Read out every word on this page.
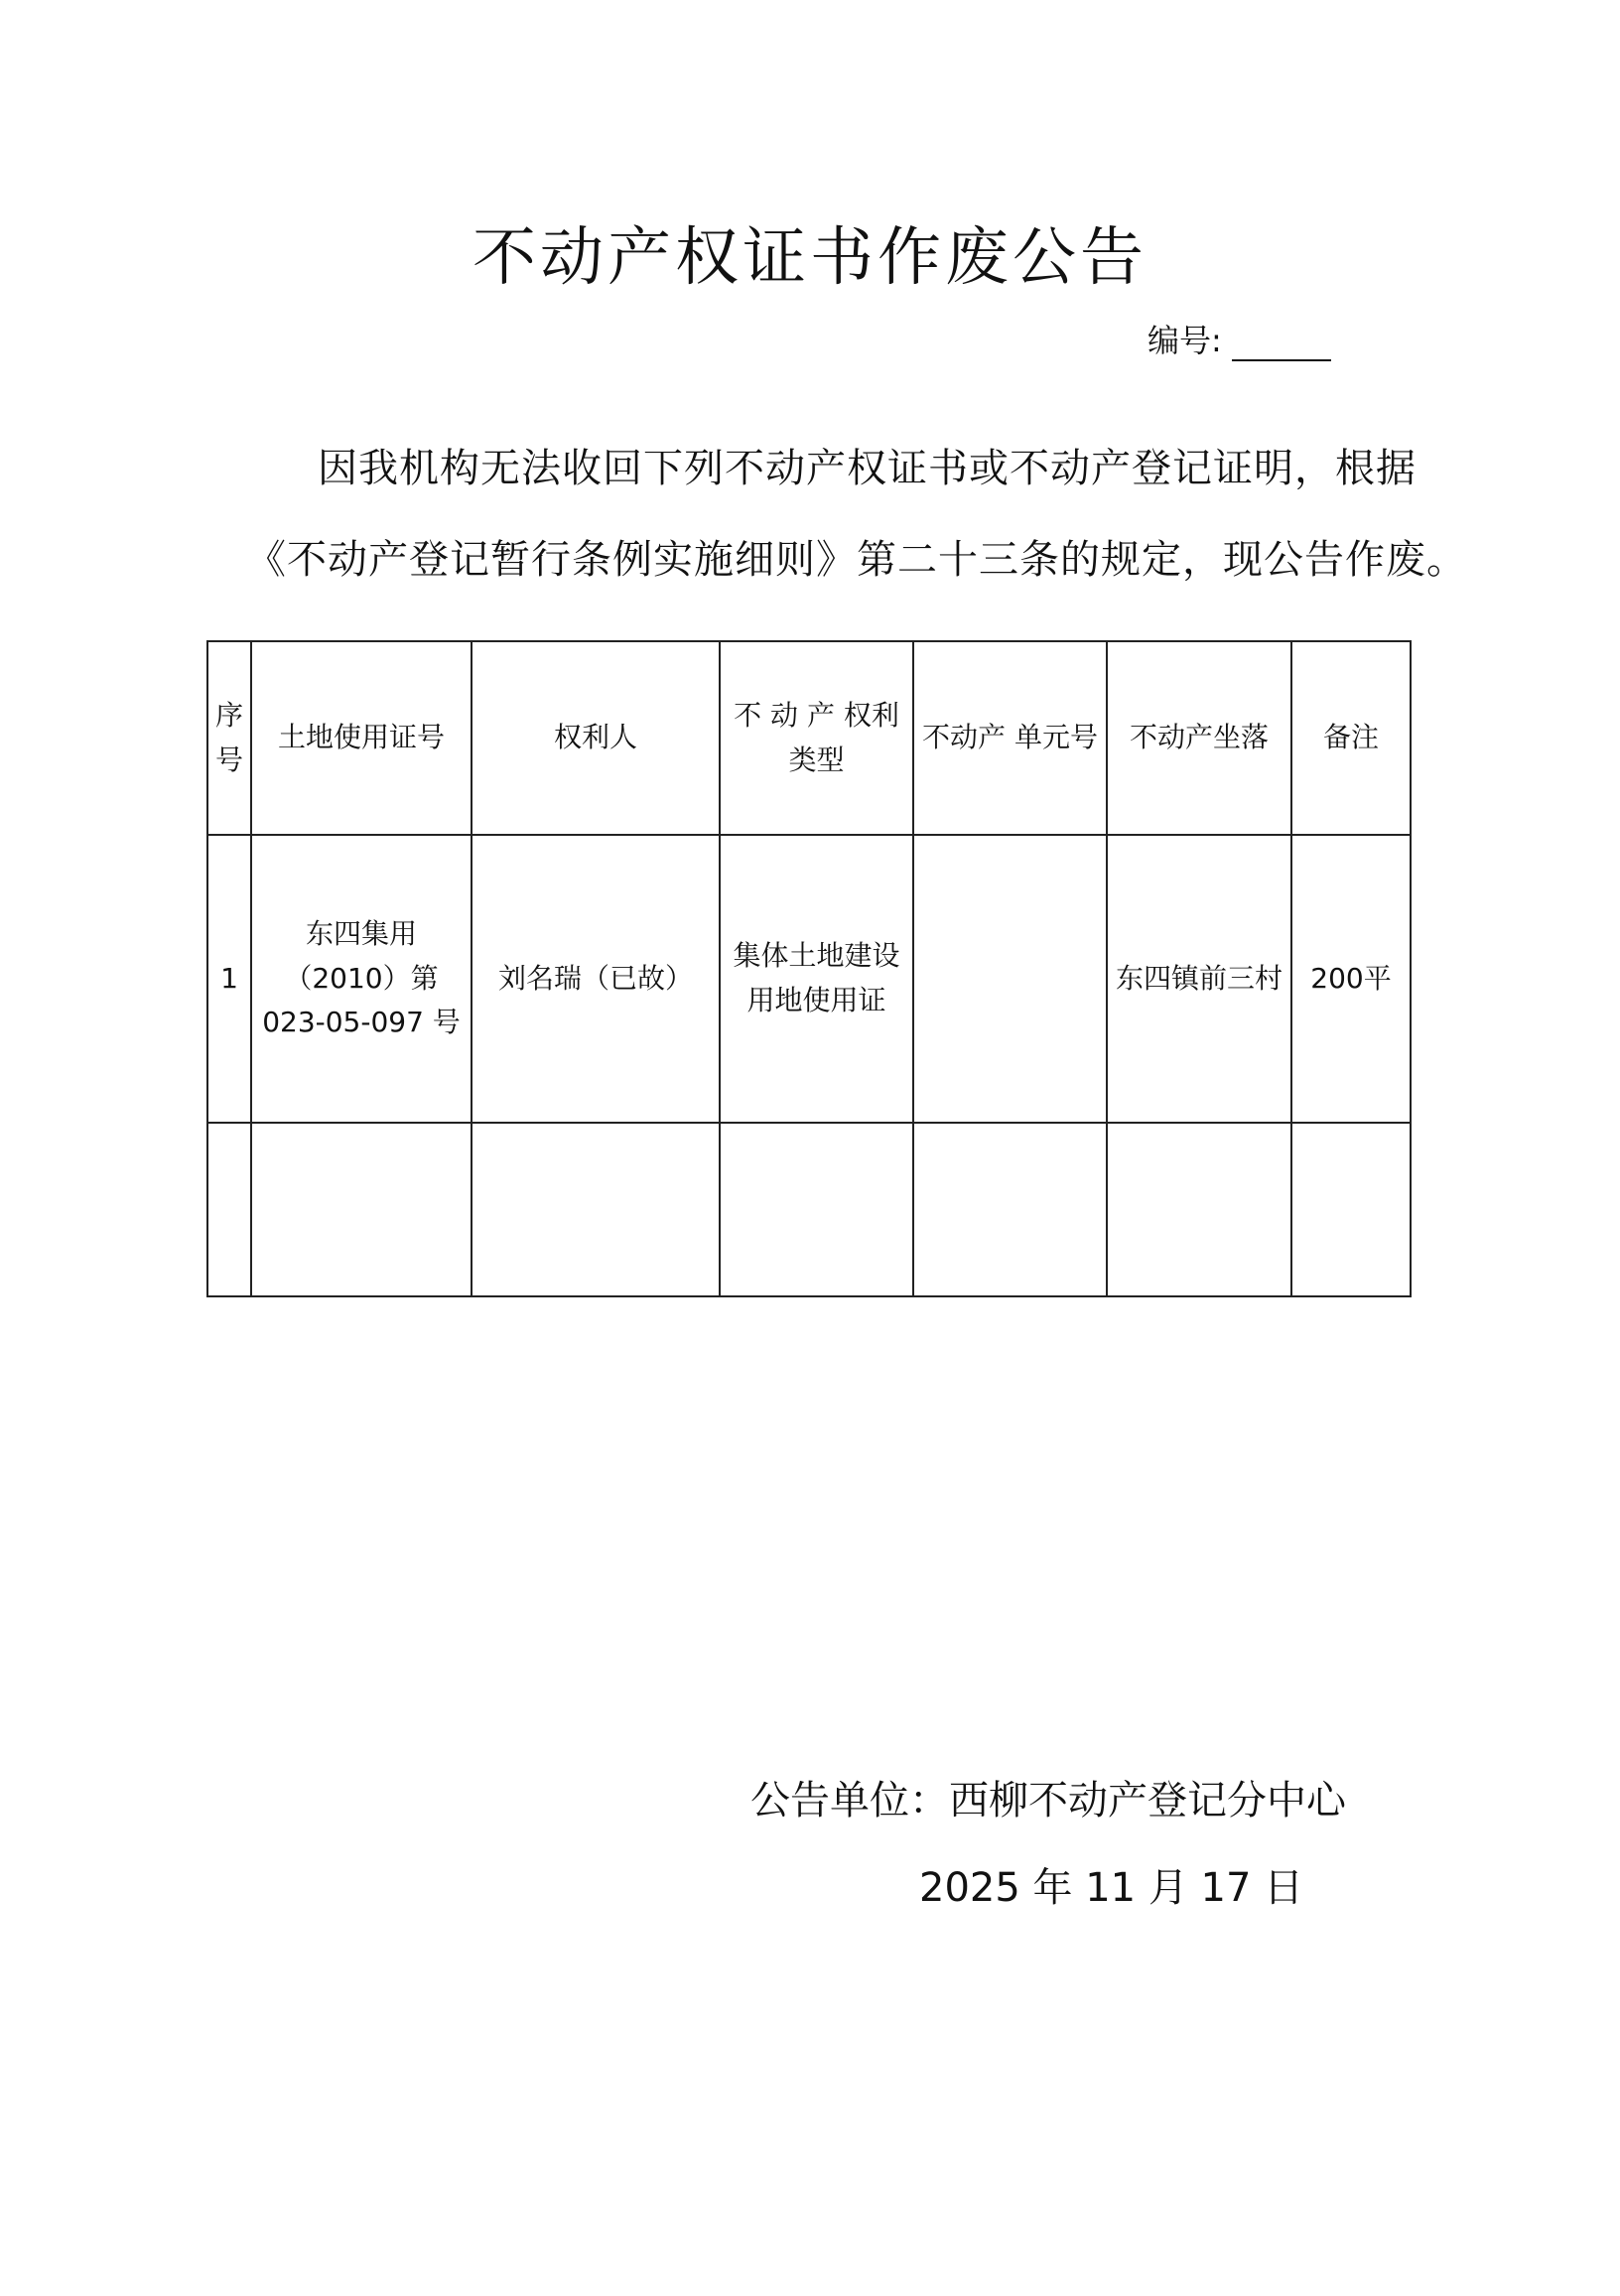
不动产权证书作废公告
编号:
因我机构无法收回下列不动产权证书或不动产登记证明，根据
《不动产登记暂行条例实施细则》第二十三条的规定，现公告作废。
序号	土地使用证号	权利人	不 动 产 权利类型	不动产 单元号	不动产坐落	备注
1	东四集用（2010）第 023-05-097 号	刘名瑞（已故）	集体土地建设用地使用证		东四镇前三村	200平

公告单位：西柳不动产登记分中心
2025 年 11 月 17 日
